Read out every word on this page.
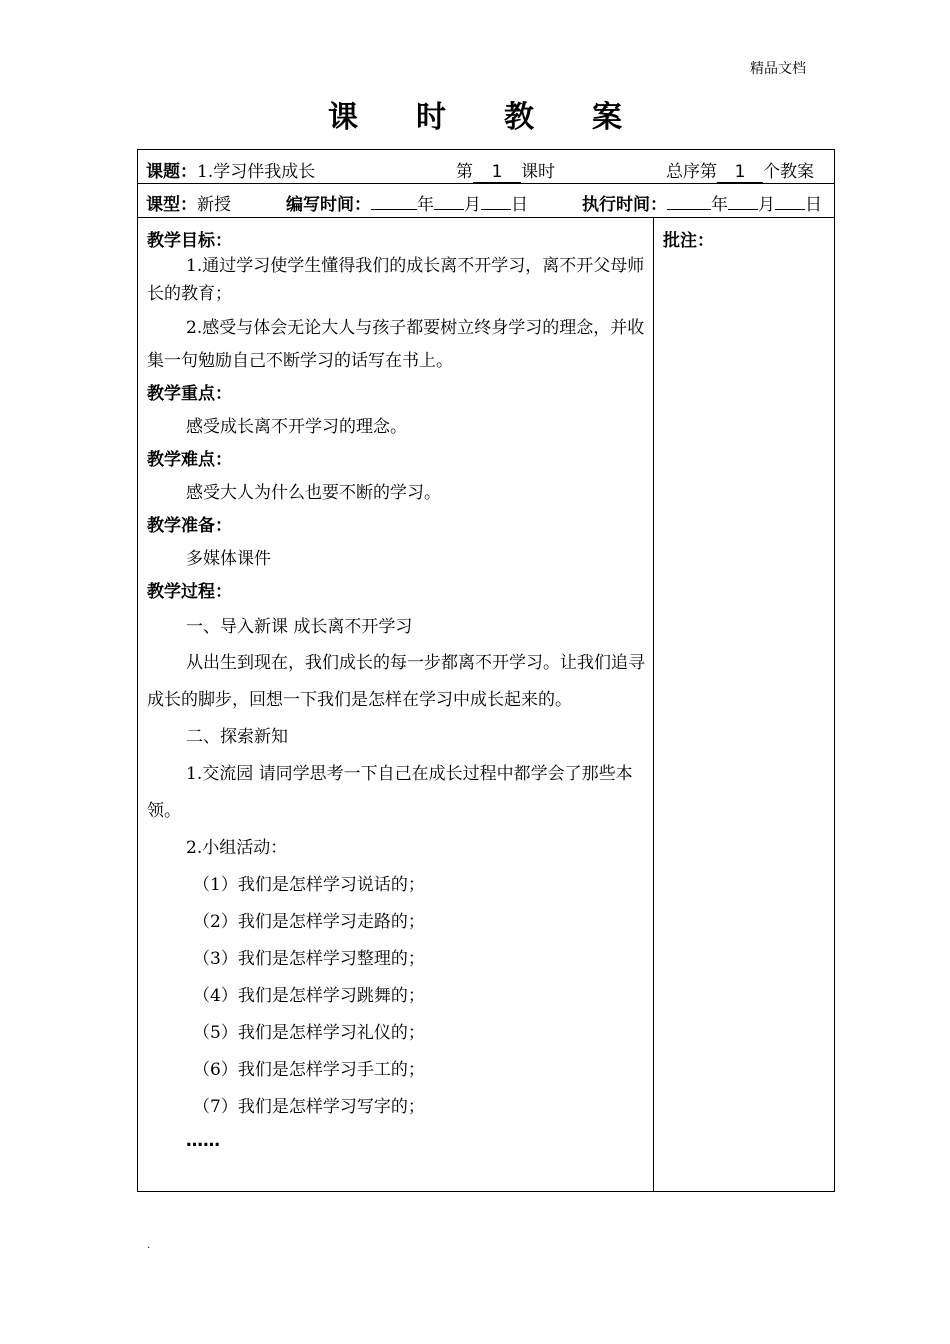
精品文档
课时教案
课题：1.学习伴我成长	第 1 课时	总序第 1 个教案
课型：新授	编写时间：	年 月 日	执行时间：	年 月 日

教学目标：

1.通过学习使学生懂得我们的成长离不开学习，离不开父母师长的教育；

2.感受与体会无论大人与孩子都要树立终身学习的理念，并收集一句勉励自己不断学习的话写在书上。

教学重点：

感受成长离不开学习的理念。

教学难点：

感受大人为什么也要不断的学习。

教学准备：

多媒体课件

教学过程：

一、导入新课 成长离不开学习

从出生到现在，我们成长的每一步都离不开学习。让我们追寻成长的脚步，回想一下我们是怎样在学习中成长起来的。

二、探索新知

1.交流园 请同学思考一下自己在成长过程中都学会了那些本领。

2.小组活动：

（1）我们是怎样学习说话的；

（2）我们是怎样学习走路的；

（3）我们是怎样学习整理的；

（4）我们是怎样学习跳舞的；

（5）我们是怎样学习礼仪的；

（6）我们是怎样学习手工的；

（7）我们是怎样学习写字的；

……

批注：
.
